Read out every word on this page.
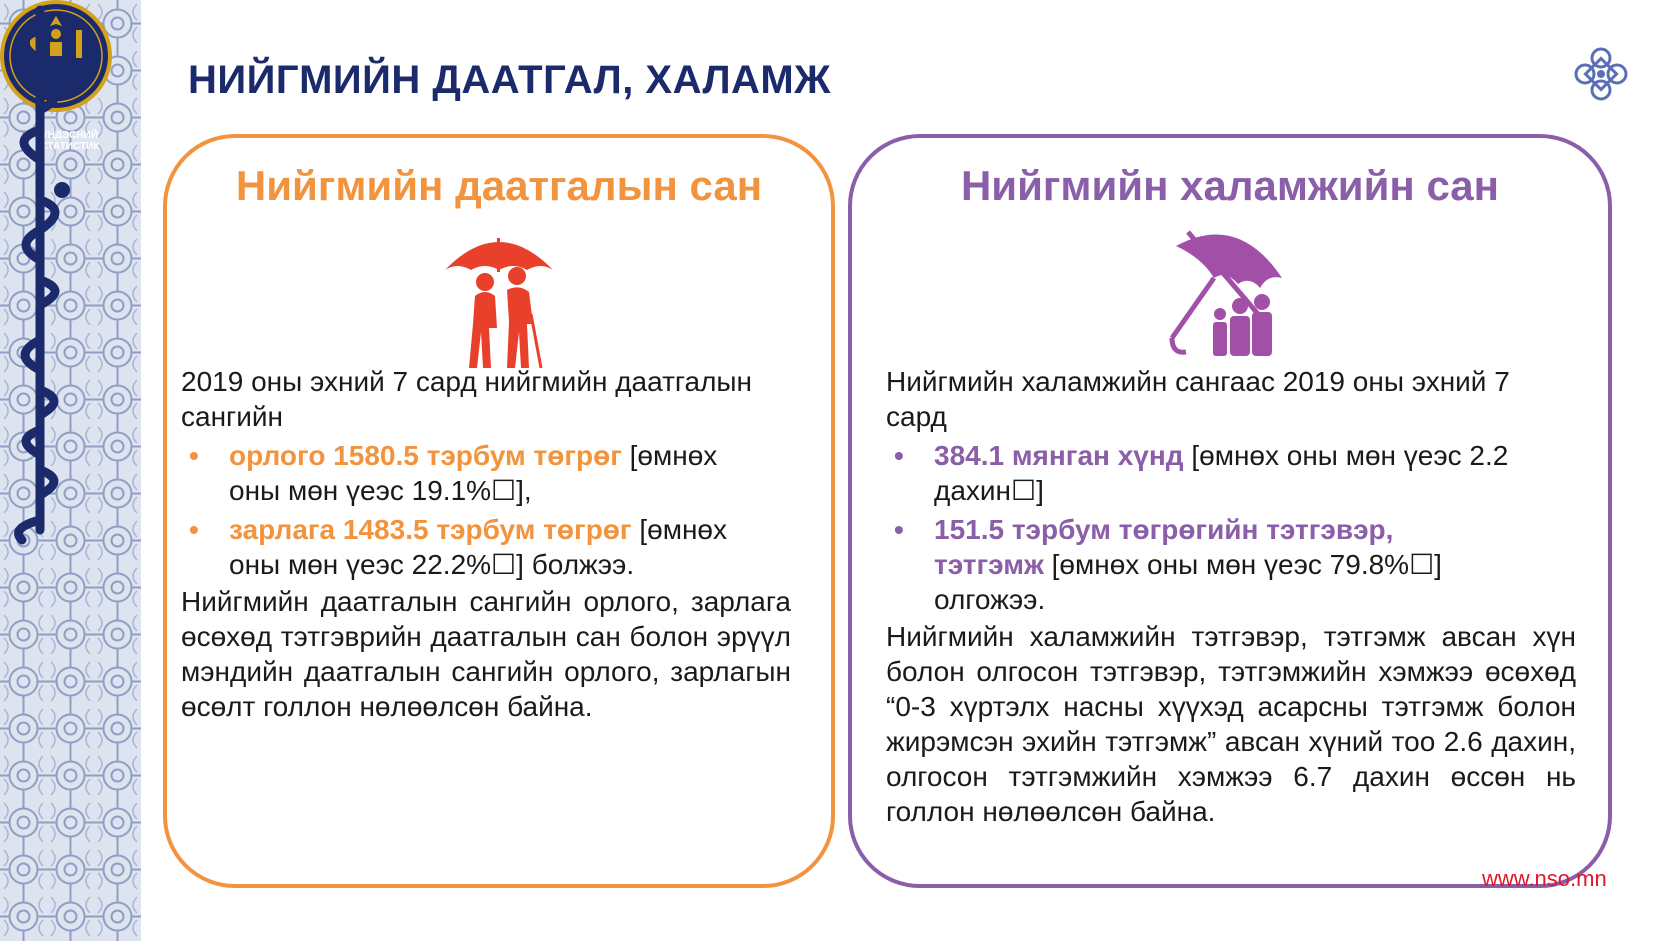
ҮНДЭСНИЙ
СТАТИСТИК
НИЙГМИЙН ДААТГАЛ, ХАЛАМЖ
Нийгмийн даатгалын сан
2019 оны эхний 7 сард нийгмийн даатгалын сангийн
• орлого 1580.5 тэрбум төгрөг [өмнөх
оны мөн үеэс 19.1%☐],
• зарлага 1483.5 тэрбум төгрөг [өмнөх
оны мөн үеэс 22.2%☐] болжээ.
Нийгмийн даатгалын сангийн орлого, зарлага өсөхөд тэтгэврийн даатгалын сан болон эрүүл мэндийн даатгалын сангийн орлого, зарлагын өсөлт голлон нөлөөлсөн байна.
Нийгмийн халамжийн сан
Нийгмийн халамжийн сангаас 2019 оны эхний 7 сард
• 384.1 мянган хүнд [өмнөх оны мөн үеэс 2.2
дахин☐]
• 151.5 тэрбум төгрөгийн тэтгэвэр,
тэтгэмж [өмнөх оны мөн үеэс 79.8%☐]
олгожээ.
Нийгмийн халамжийн тэтгэвэр, тэтгэмж авсан хүн болон олгосон тэтгэвэр, тэтгэмжийн хэмжээ өсөхөд “0-3 хүртэлх насны хүүхэд асарсны тэтгэмж болон жирэмсэн эхийн тэтгэмж” авсан хүний тоо 2.6 дахин, олгосон тэтгэмжийн хэмжээ 6.7 дахин өссөн нь голлон нөлөөлсөн байна.
www.nso.mn
